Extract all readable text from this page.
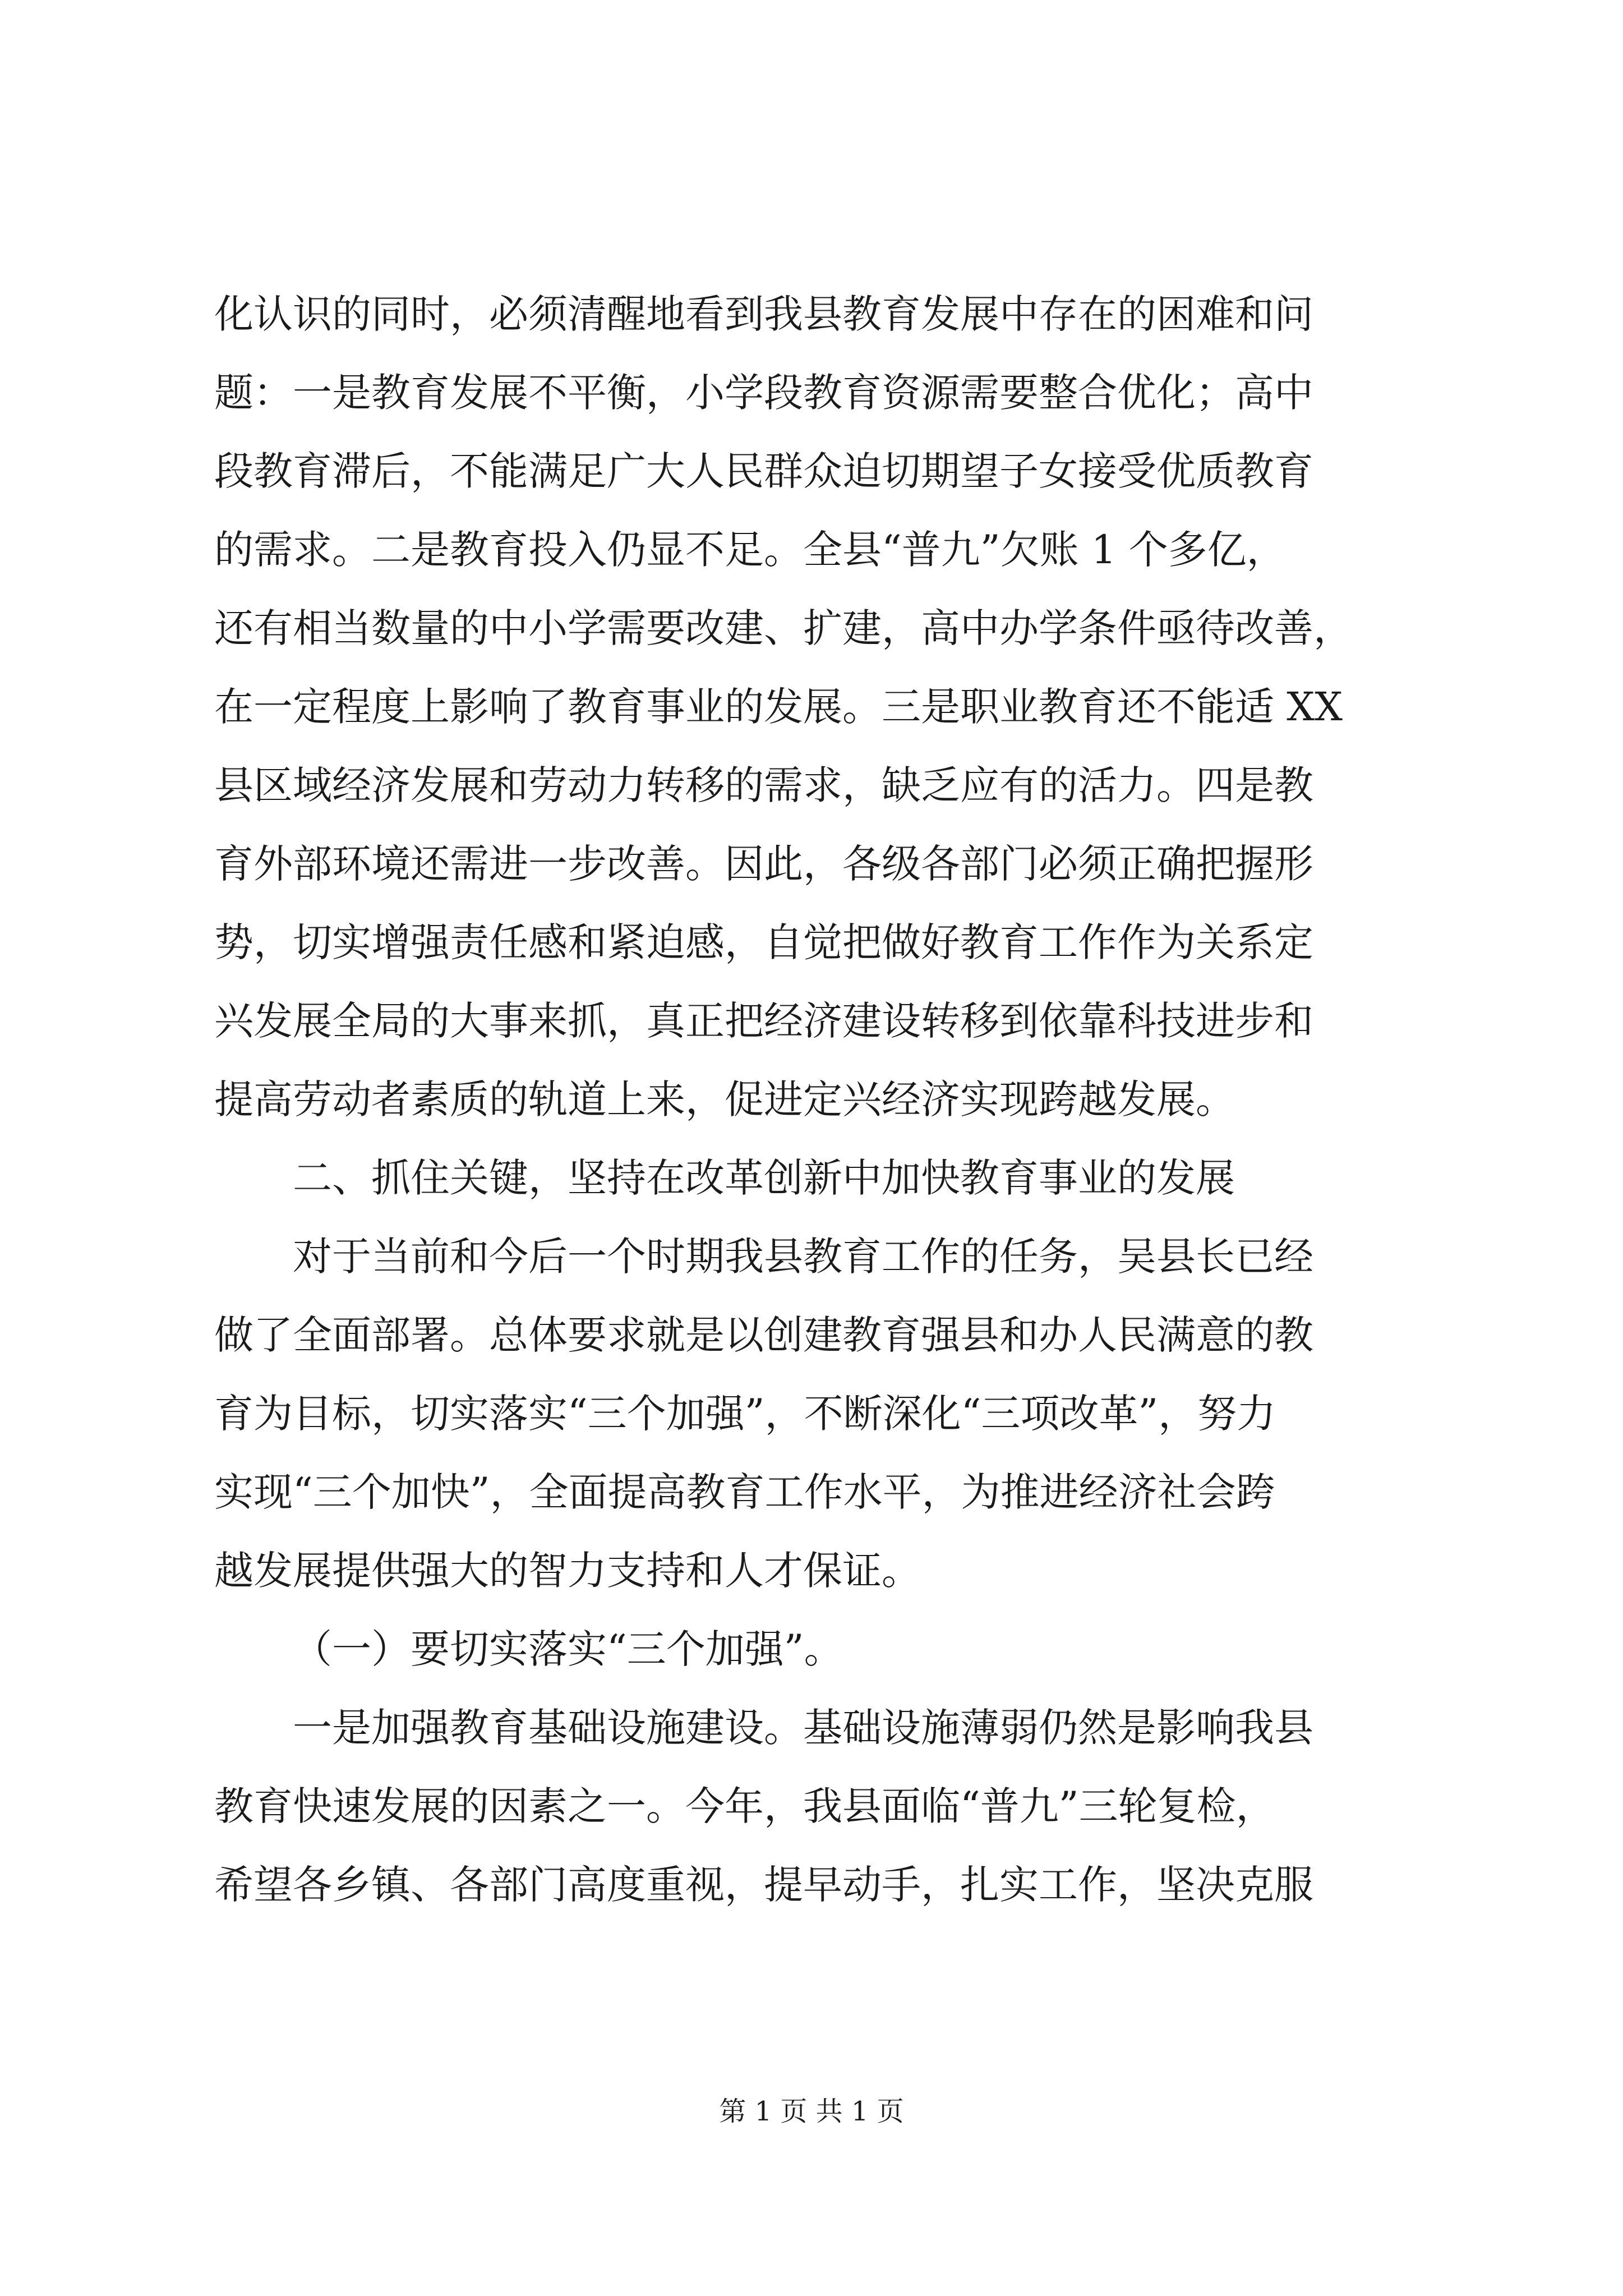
化认识的同时，必须清醒地看到我县教育发展中存在的困难和问
题：一是教育发展不平衡，小学段教育资源需要整合优化；高中
段教育滞后，不能满足广大人民群众迫切期望子女接受优质教育
的需求。二是教育投入仍显不足。全县“普九”欠账 1 个多亿，
还有相当数量的中小学需要改建、扩建，高中办学条件亟待改善，
在一定程度上影响了教育事业的发展。三是职业教育还不能适 XX
县区域经济发展和劳动力转移的需求，缺乏应有的活力。四是教
育外部环境还需进一步改善。因此，各级各部门必须正确把握形
势，切实增强责任感和紧迫感，自觉把做好教育工作作为关系定
兴发展全局的大事来抓，真正把经济建设转移到依靠科技进步和
提高劳动者素质的轨道上来，促进定兴经济实现跨越发展。
二、抓住关键，坚持在改革创新中加快教育事业的发展
对于当前和今后一个时期我县教育工作的任务，吴县长已经
做了全面部署。总体要求就是以创建教育强县和办人民满意的教
育为目标，切实落实“三个加强”，不断深化“三项改革”，努力
实现“三个加快”，全面提高教育工作水平，为推进经济社会跨
越发展提供强大的智力支持和人才保证。
（一）要切实落实“三个加强”。
一是加强教育基础设施建设。基础设施薄弱仍然是影响我县
教育快速发展的因素之一。今年，我县面临“普九”三轮复检，
希望各乡镇、各部门高度重视，提早动手，扎实工作，坚决克服
第 1 页 共 1 页
